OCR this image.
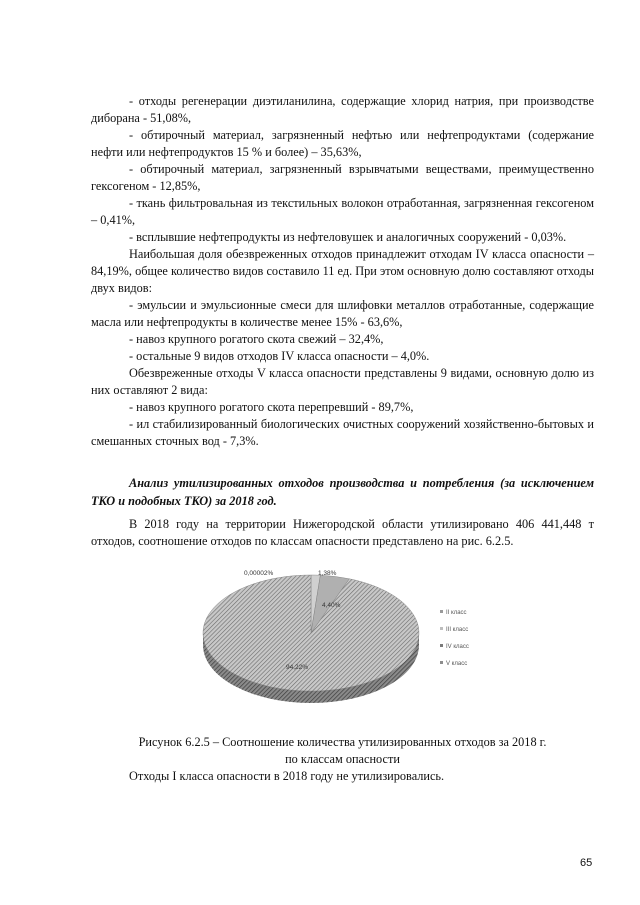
- отходы регенерации диэтиланилина, содержащие хлорид натрия, при производстве диборана - 51,08%,

- обтирочный материал, загрязненный нефтью или нефтепродуктами (содержание нефти или нефтепродуктов 15 % и более) – 35,63%,

- обтирочный материал, загрязненный взрывчатыми веществами, преимущественно гексогеном - 12,85%,

- ткань фильтровальная из текстильных волокон отработанная, загрязненная гексогеном – 0,41%,

- всплывшие нефтепродукты из нефтеловушек и аналогичных сооружений - 0,03%.

Наибольшая доля обезвреженных отходов принадлежит отходам IV класса опасности – 84,19%, общее количество видов составило 11 ед. При этом основную долю составляют отходы двух видов:

- эмульсии и эмульсионные смеси для шлифовки металлов отработанные, содержащие масла или нефтепродукты в количестве менее 15% - 63,6%,

- навоз крупного рогатого скота свежий – 32,4%,

- остальные 9 видов отходов IV класса опасности – 4,0%.

Обезвреженные отходы V класса опасности представлены 9 видами, основную долю из них оставляют 2 вида:

- навоз крупного рогатого скота перепревший - 89,7%,

- ил стабилизированный биологических очистных сооружений хозяйственно-бытовых и смешанных сточных вод - 7,3%.

Анализ утилизированных отходов производства и потребления (за исключением ТКО и подобных ТКО) за 2018 год.

В 2018 году на территории Нижегородской области утилизировано 406 441,448 т отходов, соотношение отходов по классам опасности представлено на рис. 6.2.5.

0,00002%	1,38%
4,40%
94,22%
II класс
III класс
IV класс
V класс

Рисунок 6.2.5 – Соотношение количества утилизированных отходов за 2018 г.
по классам опасности

Отходы I класса опасности в 2018 году не утилизировались.

65
